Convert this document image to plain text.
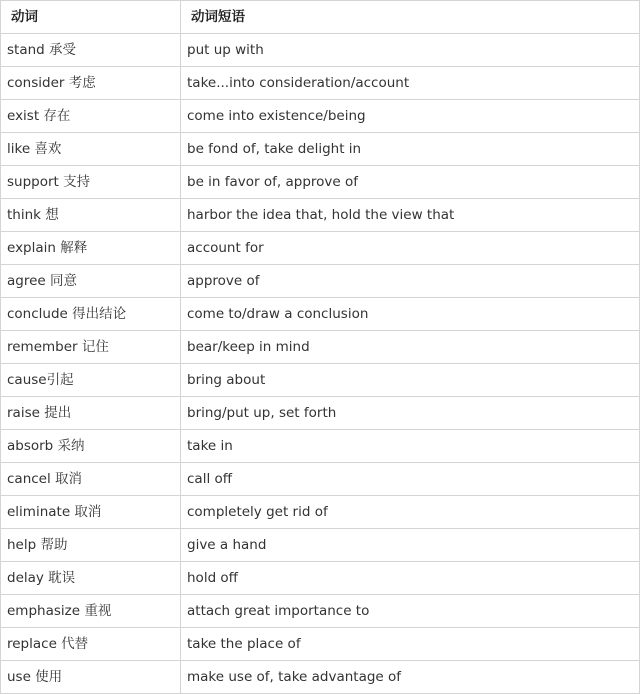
动词	动词短语
stand 承受	put up with
consider 考虑	take...into consideration/account
exist 存在	come into existence/being
like 喜欢	be fond of, take delight in
support 支持	be in favor of, approve of
think 想	harbor the idea that, hold the view that
explain 解释	account for
agree 同意	approve of
conclude 得出结论	come to/draw a conclusion
remember 记住	bear/keep in mind
cause引起	bring about
raise 提出	bring/put up, set forth
absorb 采纳	take in
cancel 取消	call off
eliminate 取消	completely get rid of
help 帮助	give a hand
delay 耽误	hold off
emphasize 重视	attach great importance to
replace 代替	take the place of
use 使用	make use of, take advantage of
